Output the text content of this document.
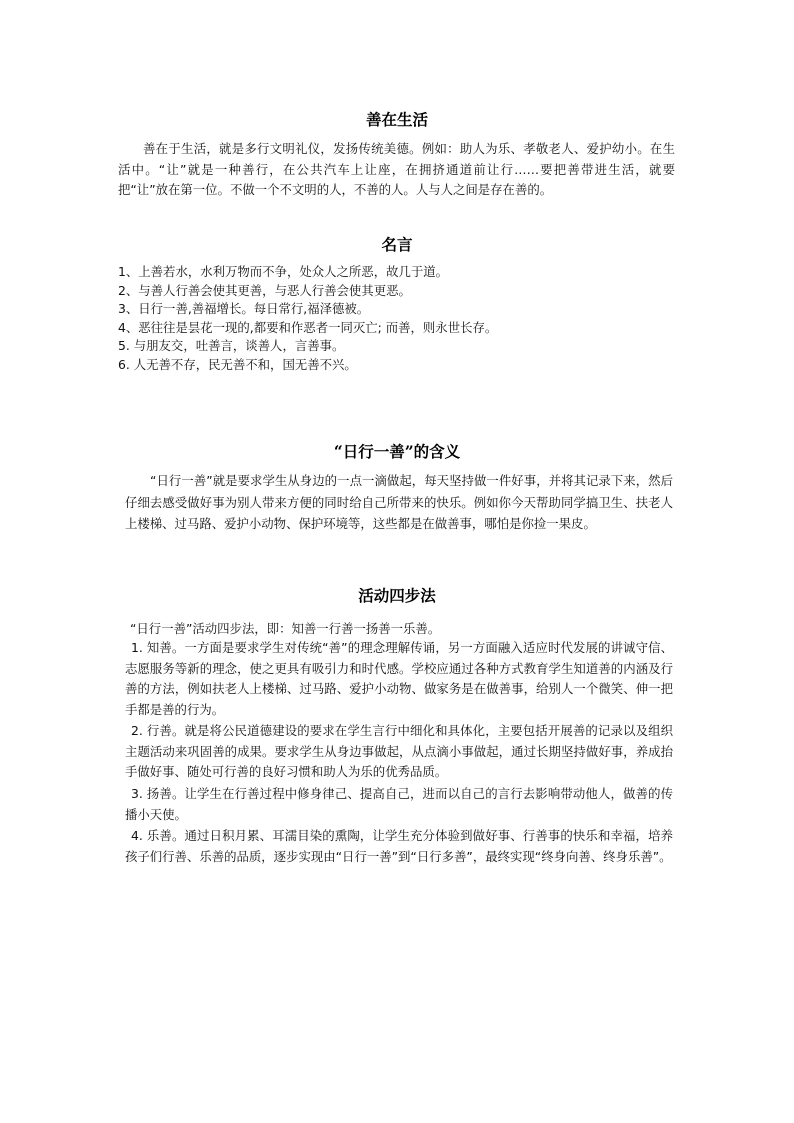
善在生活

善在于生活，就是多行文明礼仪，发扬传统美德。例如：助人为乐、孝敬老人、爱护幼小。在生活中。“让”就是一种善行，在公共汽车上让座，在拥挤通道前让行……要把善带进生活，就要把“让”放在第一位。不做一个不文明的人，不善的人。人与人之间是存在善的。

名言
1、上善若水，水利万物而不争，处众人之所恶，故几于道。
2、与善人行善会使其更善，与恶人行善会使其更恶。
3、日行一善,善福增长。每日常行,福泽德被。
4、恶往往是昙花一现的,都要和作恶者一同灭亡; 而善，则永世长存。
5. 与朋友交，吐善言，谈善人，言善事。
6. 人无善不存，民无善不和，国无善不兴。
“日行一善”的含义

“日行一善”就是要求学生从身边的一点一滴做起，每天坚持做一件好事，并将其记录下来，然后仔细去感受做好事为别人带来方便的同时给自己所带来的快乐。例如你今天帮助同学搞卫生、扶老人上楼梯、过马路、爱护小动物、保护环境等，这些都是在做善事，哪怕是你捡一果皮。

活动四步法

“日行一善”活动四步法，即：知善一行善一扬善一乐善。

1. 知善。一方面是要求学生对传统“善”的理念理解传诵，另一方面融入适应时代发展的讲诚守信、志愿服务等新的理念，使之更具有吸引力和时代感。学校应通过各种方式教育学生知道善的内涵及行善的方法，例如扶老人上楼梯、过马路、爱护小动物、做家务是在做善事，给别人一个微笑、伸一把手都是善的行为。

2. 行善。就是将公民道德建设的要求在学生言行中细化和具体化，主要包括开展善的记录以及组织主题活动来巩固善的成果。要求学生从身边事做起，从点滴小事做起，通过长期坚持做好事，养成抬手做好事、随处可行善的良好习惯和助人为乐的优秀品质。

3. 扬善。让学生在行善过程中修身律己、提高自己，进而以自己的言行去影响带动他人，做善的传播小天使。

4. 乐善。通过日积月累、耳濡目染的熏陶，让学生充分体验到做好事、行善事的快乐和幸福，培养孩子们行善、乐善的品质，逐步实现由“日行一善”到“日行多善”，最终实现“终身向善、终身乐善”。
